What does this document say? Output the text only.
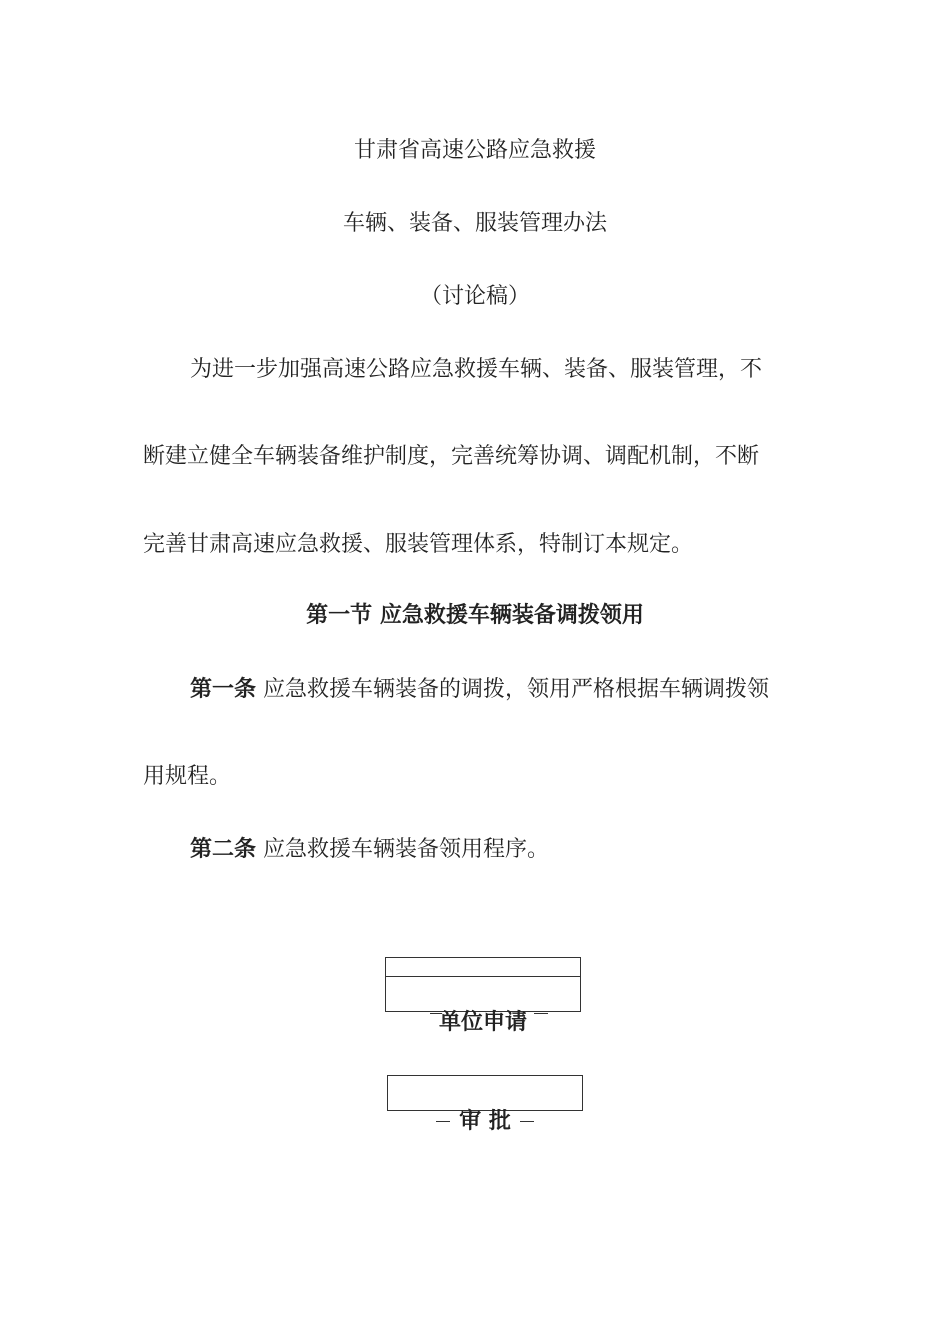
甘肃省高速公路应急救援
车辆、装备、服装管理办法
（讨论稿）
为进一步加强高速公路应急救援车辆、装备、服装管理，不
断建立健全车辆装备维护制度，完善统筹协调、调配机制，不断
完善甘肃高速应急救援、服装管理体系，特制订本规定。
第一节 应急救援车辆装备调拨领用
第一条 应急救援车辆装备的调拨，领用严格根据车辆调拨领
用规程。
第二条 应急救援车辆装备领用程序。
单位申请
审 批
